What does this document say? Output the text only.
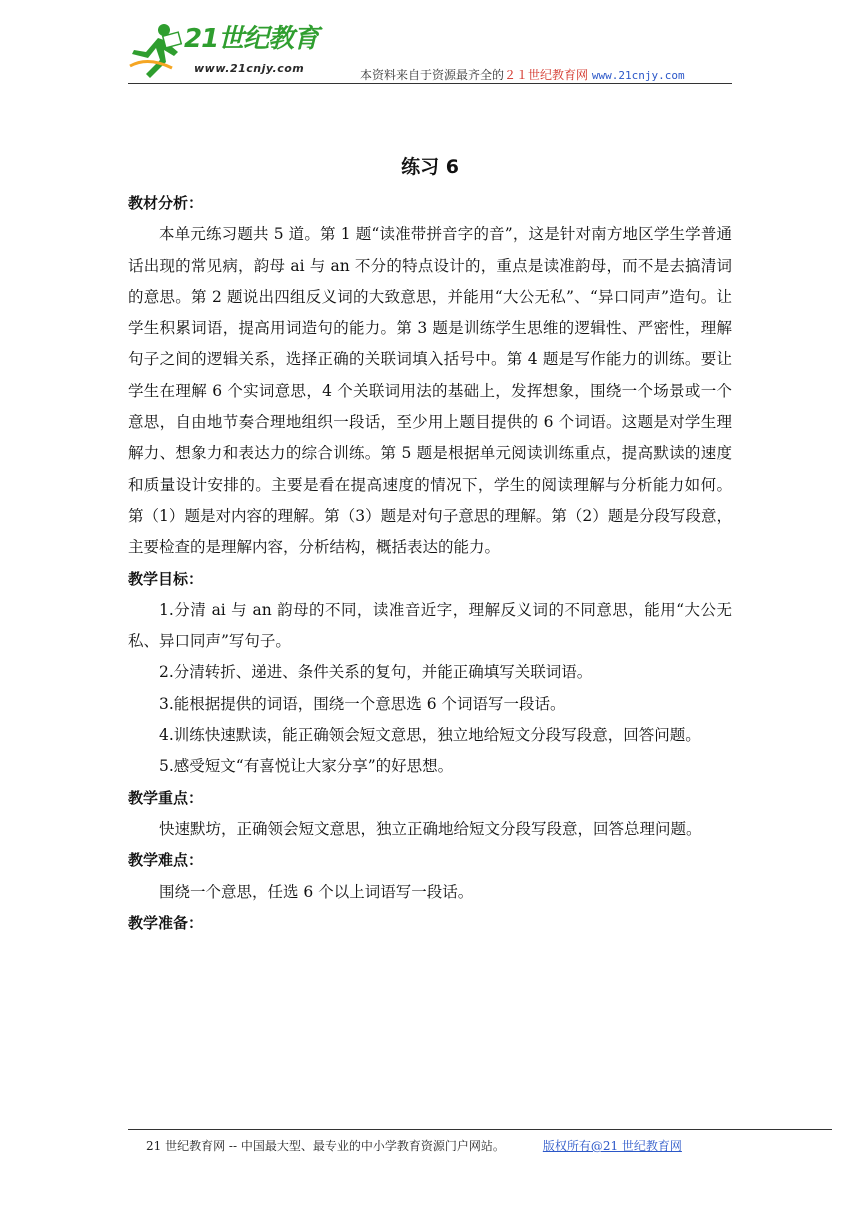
21世纪教育
www.21cnjy.com	本资料来自于资源最齐全的２１世纪教育网 www.21cnjy.com
练习 6

教材分析：

本单元练习题共 5 道。第 1 题“读准带拼音字的音”，这是针对南方地区学生学普通话出现的常见病，韵母 ai 与 an 不分的特点设计的，重点是读准韵母，而不是去搞清词的意思。第 2 题说出四组反义词的大致意思，并能用“大公无私”、“异口同声”造句。让学生积累词语，提高用词造句的能力。第 3 题是训练学生思维的逻辑性、严密性，理解句子之间的逻辑关系，选择正确的关联词填入括号中。第 4 题是写作能力的训练。要让学生在理解 6 个实词意思，4 个关联词用法的基础上，发挥想象，围绕一个场景或一个意思，自由地节奏合理地组织一段话，至少用上题目提供的 6 个词语。这题是对学生理解力、想象力和表达力的综合训练。第 5 题是根据单元阅读训练重点，提高默读的速度和质量设计安排的。主要是看在提高速度的情况下，学生的阅读理解与分析能力如何。第（1）题是对内容的理解。第（3）题是对句子意思的理解。第（2）题是分段写段意，主要检查的是理解内容，分析结构，概括表达的能力。

教学目标：

1.分清 ai 与 an 韵母的不同，读准音近字，理解反义词的不同意思，能用“大公无私、异口同声”写句子。

2.分清转折、递进、条件关系的复句，并能正确填写关联词语。

3.能根据提供的词语，围绕一个意思选 6 个词语写一段话。

4.训练快速默读，能正确领会短文意思，独立地给短文分段写段意，回答问题。

5.感受短文“有喜悦让大家分享”的好思想。

教学重点：

快速默坊，正确领会短文意思，独立正确地给短文分段写段意，回答总理问题。

教学难点：

围绕一个意思，任选 6 个以上词语写一段话。

教学准备：

21 世纪教育网 -- 中国最大型、最专业的中小学教育资源门户网站。	版权所有@21 世纪教育网
